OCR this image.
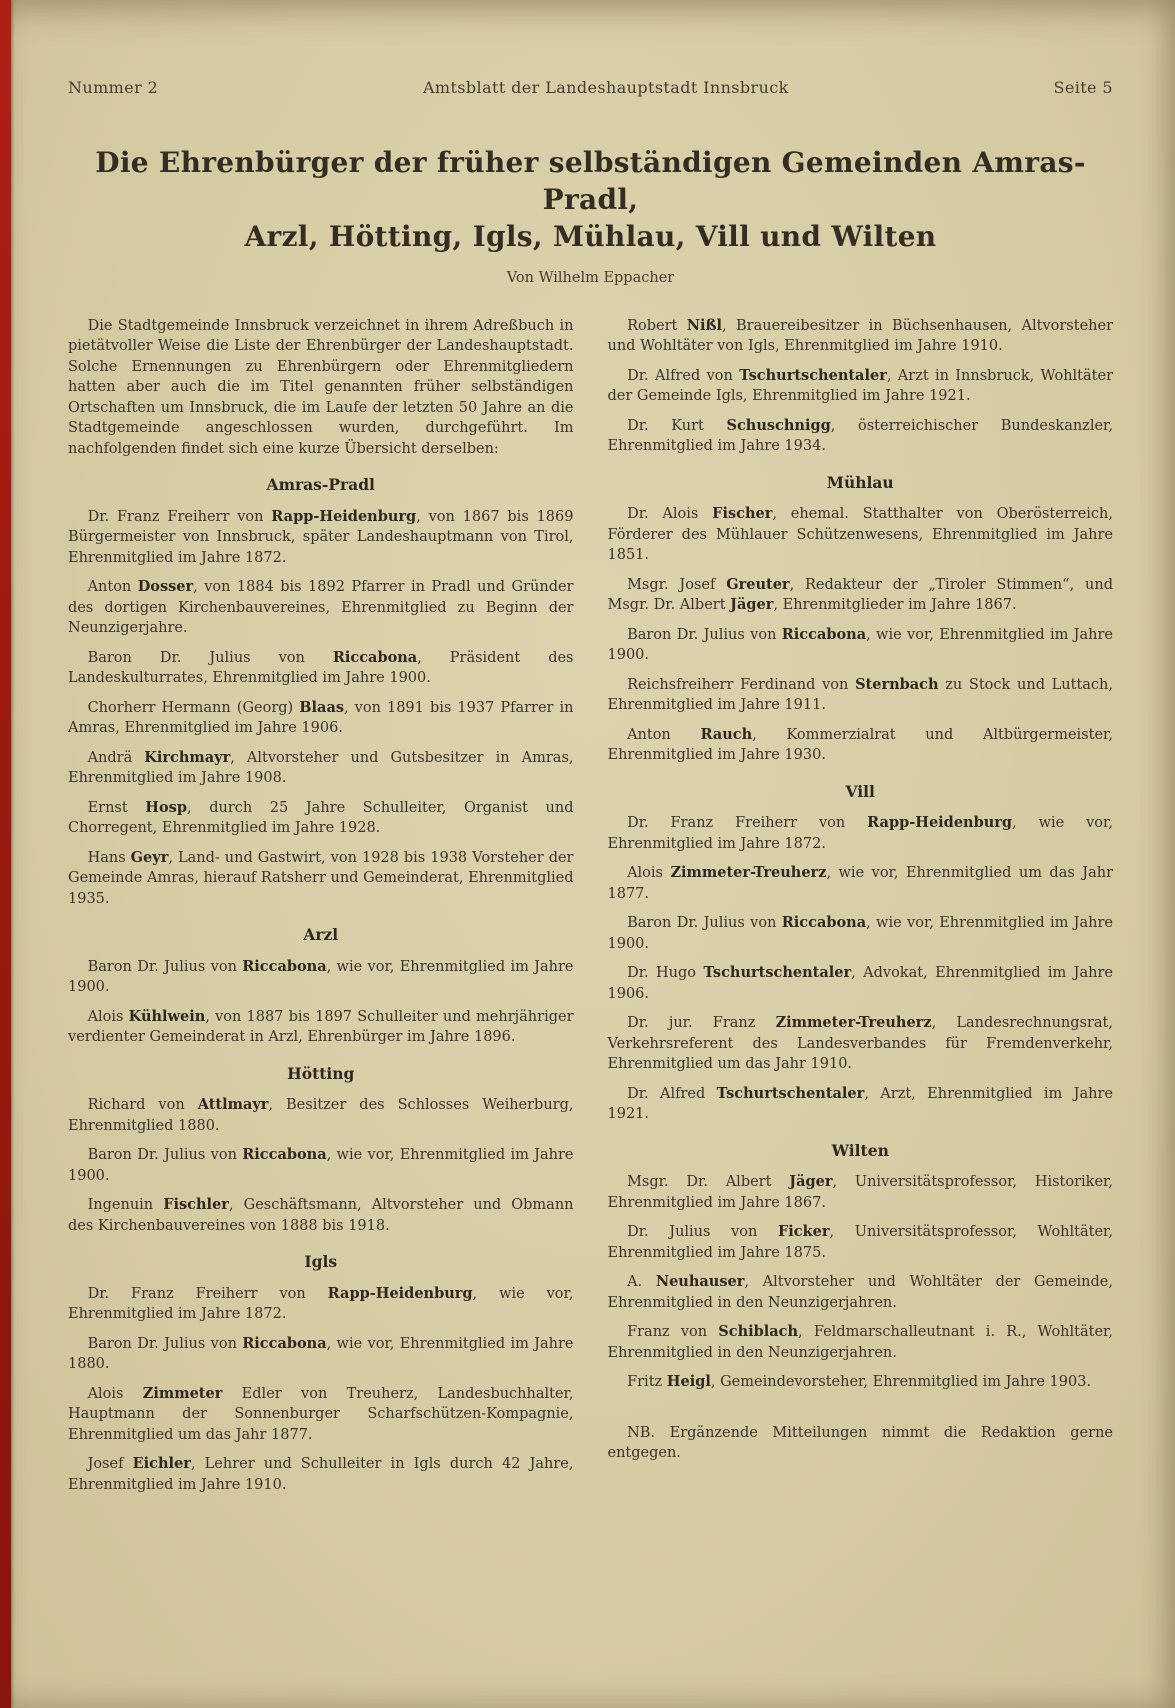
Nummer 2	Amtsblatt der Landeshauptstadt Innsbruck	Seite 5
Die Ehrenbürger der früher selbständigen Gemeinden Amras-Pradl,
Arzl, Hötting, Igls, Mühlau, Vill und Wilten
Von Wilhelm Eppacher
Die Stadtgemeinde Innsbruck verzeichnet in ihrem Adreßbuch in pietätvoller Weise die Liste der Ehrenbürger der Landeshauptstadt. Solche Ernennungen zu Ehrenbürgern oder Ehrenmitgliedern hatten aber auch die im Titel genannten früher selbständigen Ortschaften um Innsbruck, die im Laufe der letzten 50 Jahre an die Stadtgemeinde angeschlossen wurden, durchgeführt. Im nachfolgenden findet sich eine kurze Übersicht derselben:
Amras-Pradl
Dr. Franz Freiherr von Rapp-Heidenburg, von 1867 bis 1869 Bürgermeister von Innsbruck, später Landeshauptmann von Tirol, Ehrenmitglied im Jahre 1872.
Anton Dosser, von 1884 bis 1892 Pfarrer in Pradl und Gründer des dortigen Kirchenbauvereines, Ehrenmitglied zu Beginn der Neunzigerjahre.
Baron Dr. Julius von Riccabona, Präsident des Landeskulturrates, Ehrenmitglied im Jahre 1900.
Chorherr Hermann (Georg) Blaas, von 1891 bis 1937 Pfarrer in Amras, Ehrenmitglied im Jahre 1906.
Andrä Kirchmayr, Altvorsteher und Gutsbesitzer in Amras, Ehrenmitglied im Jahre 1908.
Ernst Hosp, durch 25 Jahre Schulleiter, Organist und Chorregent, Ehrenmitglied im Jahre 1928.
Hans Geyr, Land- und Gastwirt, von 1928 bis 1938 Vorsteher der Gemeinde Amras, hierauf Ratsherr und Gemeinderat, Ehrenmitglied 1935.
Arzl
Baron Dr. Julius von Riccabona, wie vor, Ehrenmitglied im Jahre 1900.
Alois Kühlwein, von 1887 bis 1897 Schulleiter und mehrjähriger verdienter Gemeinderat in Arzl, Ehrenbürger im Jahre 1896.
Hötting
Richard von Attlmayr, Besitzer des Schlosses Weiherburg, Ehrenmitglied 1880.
Baron Dr. Julius von Riccabona, wie vor, Ehrenmitglied im Jahre 1900.
Ingenuin Fischler, Geschäftsmann, Altvorsteher und Obmann des Kirchenbauvereines von 1888 bis 1918.
Igls
Dr. Franz Freiherr von Rapp-Heidenburg, wie vor, Ehrenmitglied im Jahre 1872.
Baron Dr. Julius von Riccabona, wie vor, Ehrenmitglied im Jahre 1880.
Alois Zimmeter Edler von Treuherz, Landesbuchhalter, Hauptmann der Sonnenburger Scharfschützen-Kompagnie, Ehrenmitglied um das Jahr 1877.
Josef Eichler, Lehrer und Schulleiter in Igls durch 42 Jahre, Ehrenmitglied im Jahre 1910.
Robert Nißl, Brauereibesitzer in Büchsenhausen, Altvorsteher und Wohltäter von Igls, Ehrenmitglied im Jahre 1910.
Dr. Alfred von Tschurtschentaler, Arzt in Innsbruck, Wohltäter der Gemeinde Igls, Ehrenmitglied im Jahre 1921.
Dr. Kurt Schuschnigg, österreichischer Bundeskanzler, Ehrenmitglied im Jahre 1934.
Mühlau
Dr. Alois Fischer, ehemal. Statthalter von Oberösterreich, Förderer des Mühlauer Schützenwesens, Ehrenmitglied im Jahre 1851.
Msgr. Josef Greuter, Redakteur der „Tiroler Stimmen“, und Msgr. Dr. Albert Jäger, Ehrenmitglieder im Jahre 1867.
Baron Dr. Julius von Riccabona, wie vor, Ehrenmitglied im Jahre 1900.
Reichsfreiherr Ferdinand von Sternbach zu Stock und Luttach, Ehrenmitglied im Jahre 1911.
Anton Rauch, Kommerzialrat und Altbürgermeister, Ehrenmitglied im Jahre 1930.
Vill
Dr. Franz Freiherr von Rapp-Heidenburg, wie vor, Ehrenmitglied im Jahre 1872.
Alois Zimmeter-Treuherz, wie vor, Ehrenmitglied um das Jahr 1877.
Baron Dr. Julius von Riccabona, wie vor, Ehrenmitglied im Jahre 1900.
Dr. Hugo Tschurtschentaler, Advokat, Ehrenmitglied im Jahre 1906.
Dr. jur. Franz Zimmeter-Treuherz, Landesrechnungsrat, Verkehrsreferent des Landesverbandes für Fremdenverkehr, Ehrenmitglied um das Jahr 1910.
Dr. Alfred Tschurtschentaler, Arzt, Ehrenmitglied im Jahre 1921.
Wilten
Msgr. Dr. Albert Jäger, Universitätsprofessor, Historiker, Ehrenmitglied im Jahre 1867.
Dr. Julius von Ficker, Universitätsprofessor, Wohltäter, Ehrenmitglied im Jahre 1875.
A. Neuhauser, Altvorsteher und Wohltäter der Gemeinde, Ehrenmitglied in den Neunzigerjahren.
Franz von Schiblach, Feldmarschalleutnant i. R., Wohltäter, Ehrenmitglied in den Neunzigerjahren.
Fritz Heigl, Gemeindevorsteher, Ehrenmitglied im Jahre 1903.
NB. Ergänzende Mitteilungen nimmt die Redaktion gerne entgegen.
